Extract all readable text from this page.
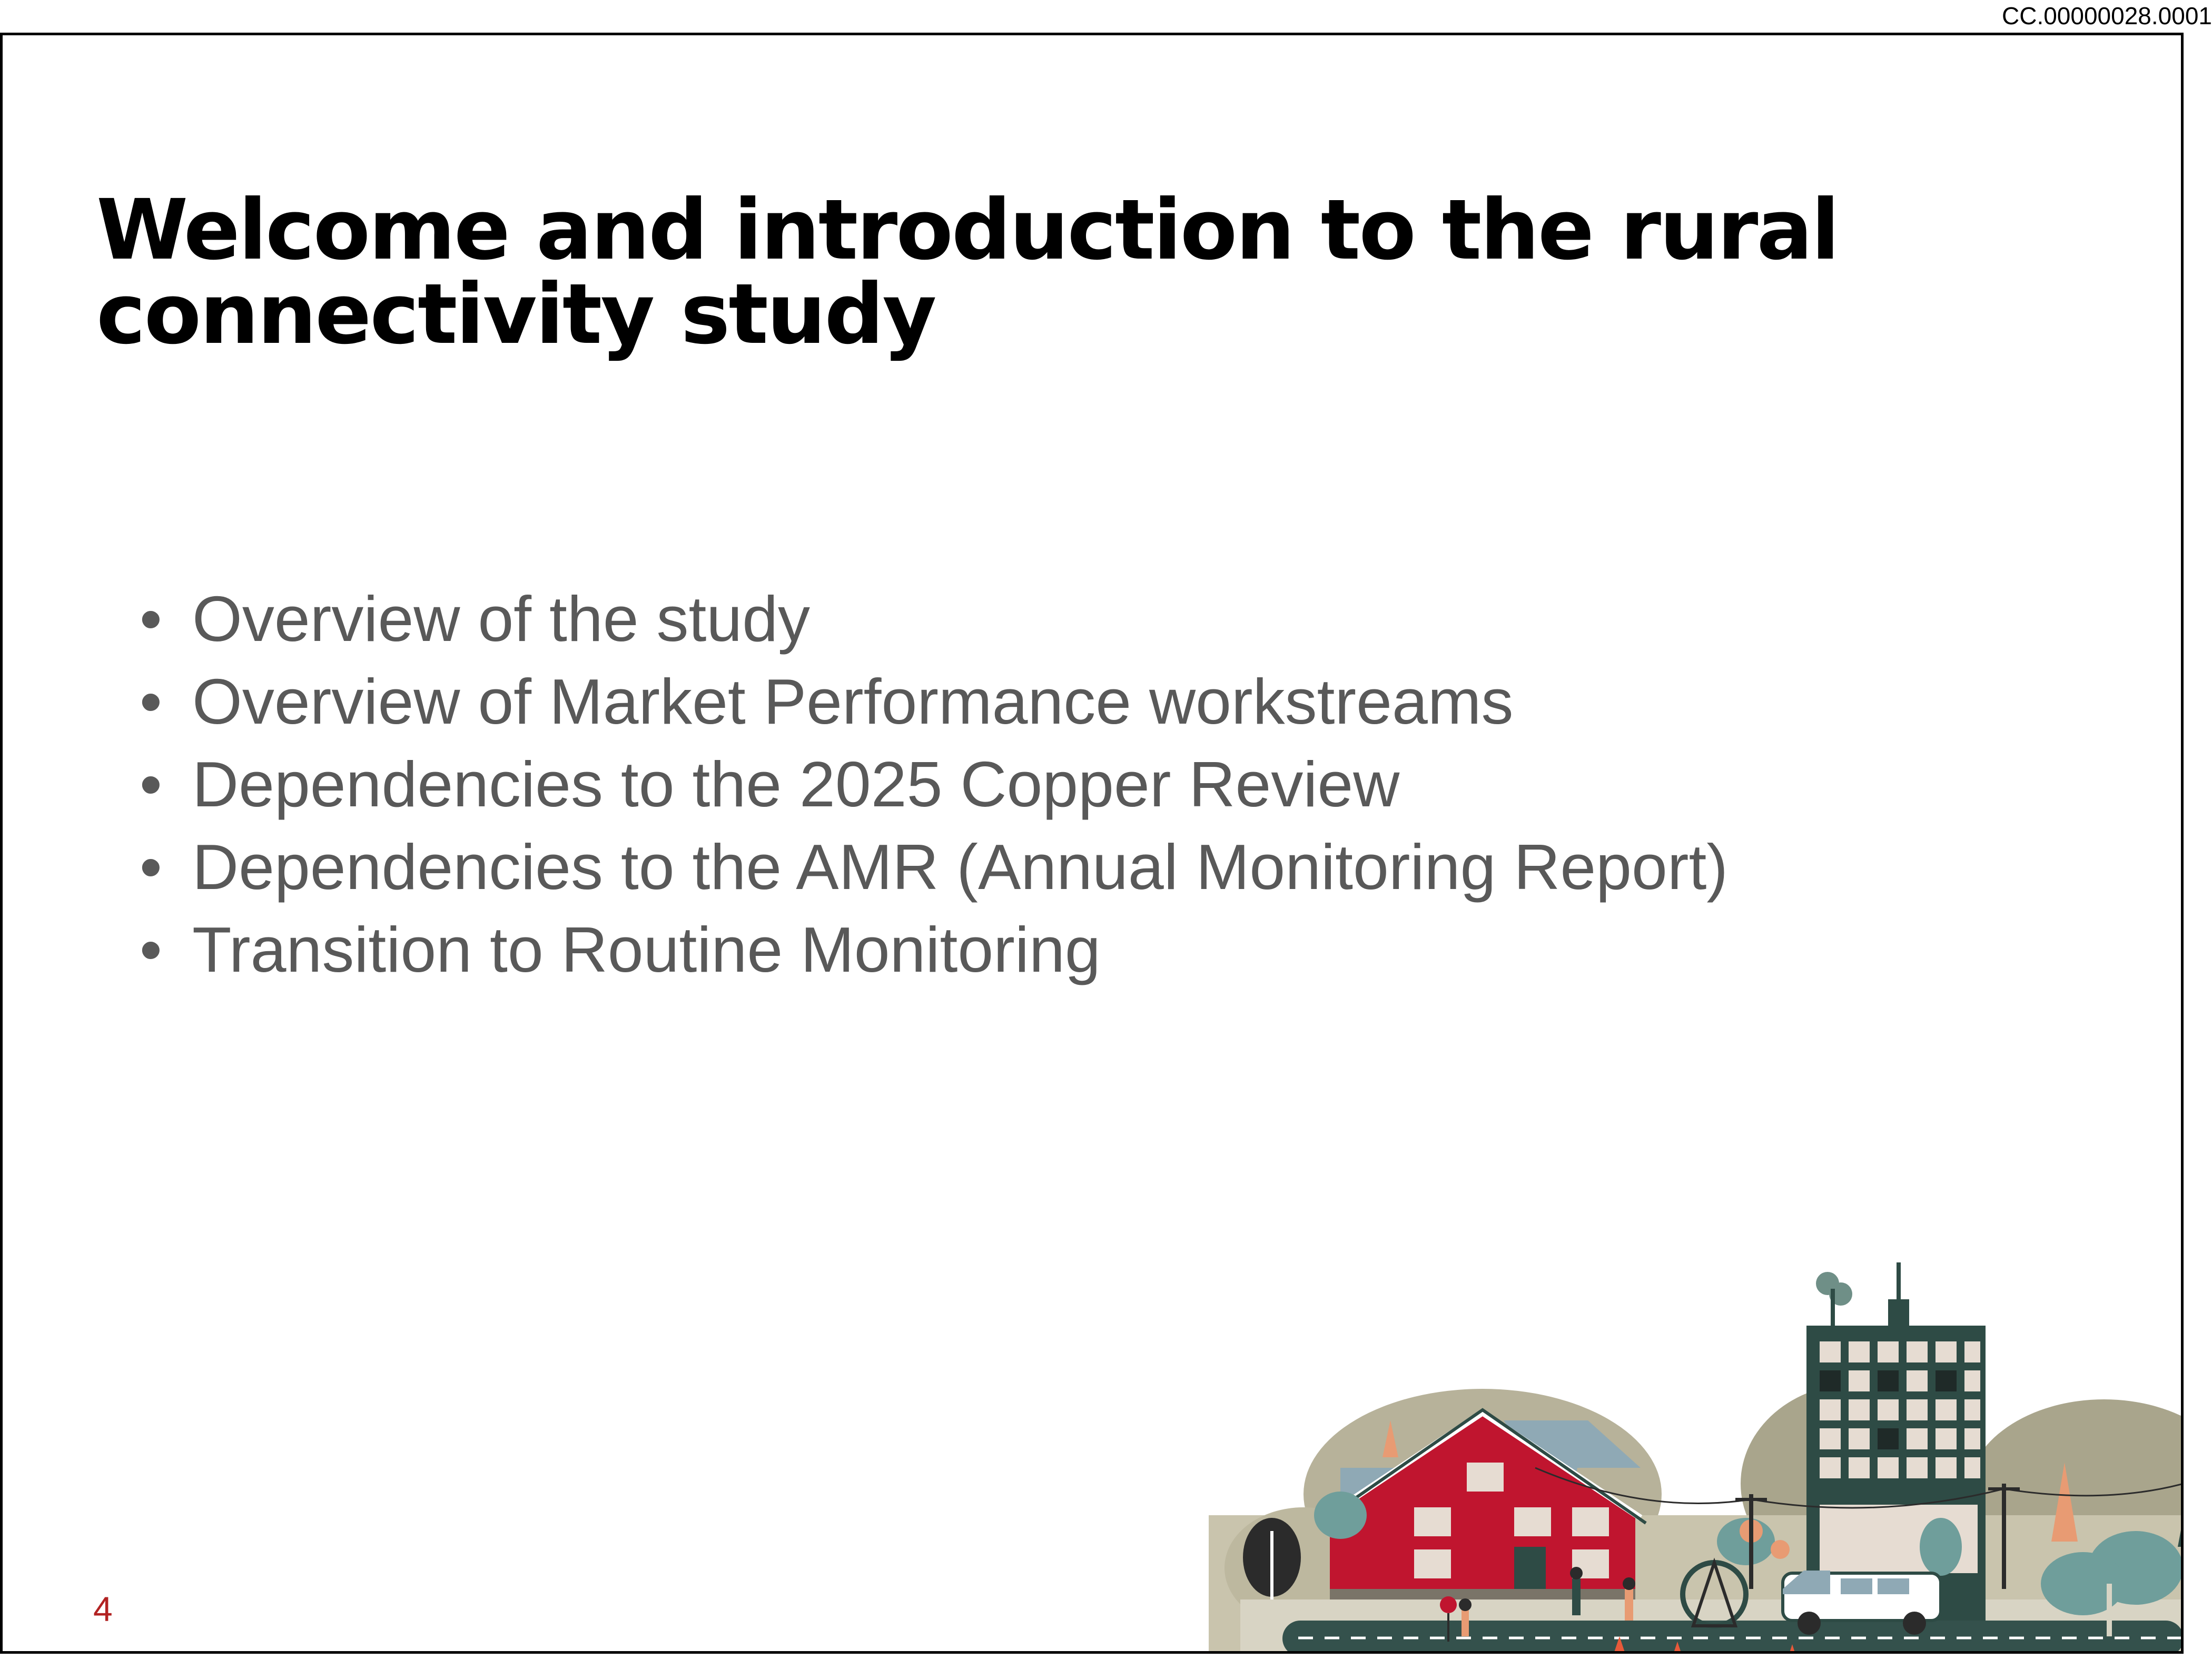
CC.00000028.0001
Welcome and introduction to the rural connectivity study
• Overview of the study
• Overview of Market Performance workstreams
• Dependencies to the 2025 Copper Review
• Dependencies to the AMR (Annual Monitoring Report)
• Transition to Routine Monitoring
4
